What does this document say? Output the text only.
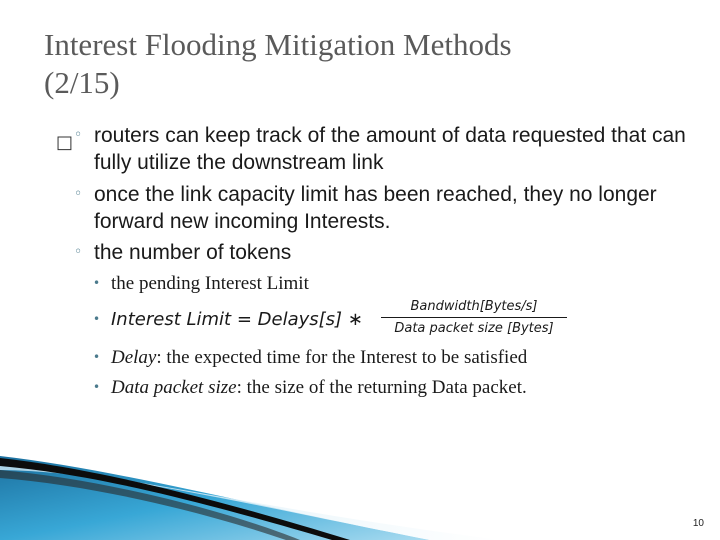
Interest Flooding Mitigation Methods
(2/15)
□ ◦ routers can keep track of the amount of data requested that can
fully utilize the downstream link
◦ once the link capacity limit has been reached, they no longer
forward new incoming Interests.
◦ the number of tokens
• the pending Interest Limit
• Interest Limit = Delays[s] ∗
Bandwidth[Bytes/s]
Data packet size [Bytes]
• Delay: the expected time for the Interest to be satisfied
• Data packet size: the size of the returning Data packet.
10
